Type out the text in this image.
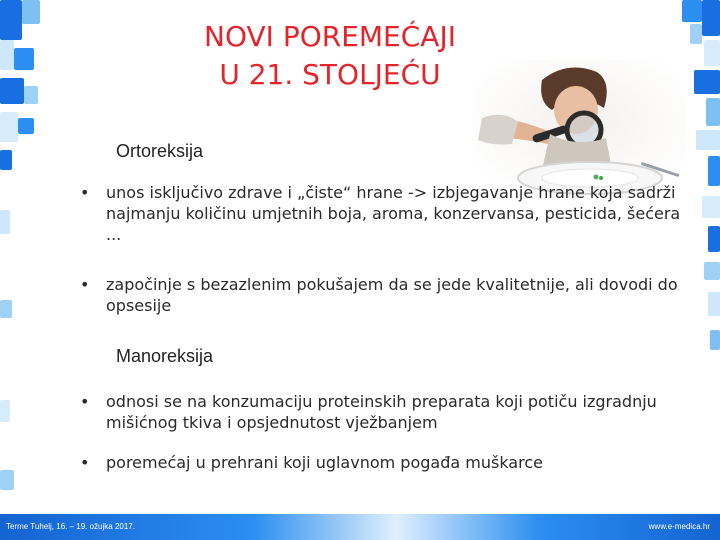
NOVI POREMEĆAJI
U 21. STOLJEĆU
Ortoreksija
• unos isključivo zdrave i „čiste“ hrane -> izbjegavanje hrane koja sadrži najmanju količinu umjetnih boja, aroma, konzervansa, pesticida, šećera ...
• započinje s bezazlenim pokušajem da se jede kvalitetnije, ali dovodi do opsesije
Manoreksija
• odnosi se na konzumaciju proteinskih preparata koji potiču izgradnju mišićnog tkiva i opsjednutost vježbanjem
• poremećaj u prehrani koji uglavnom pogađa muškarce
Terme Tuhelj, 16. – 19. ožujka 2017.	www.e-medica.hr
